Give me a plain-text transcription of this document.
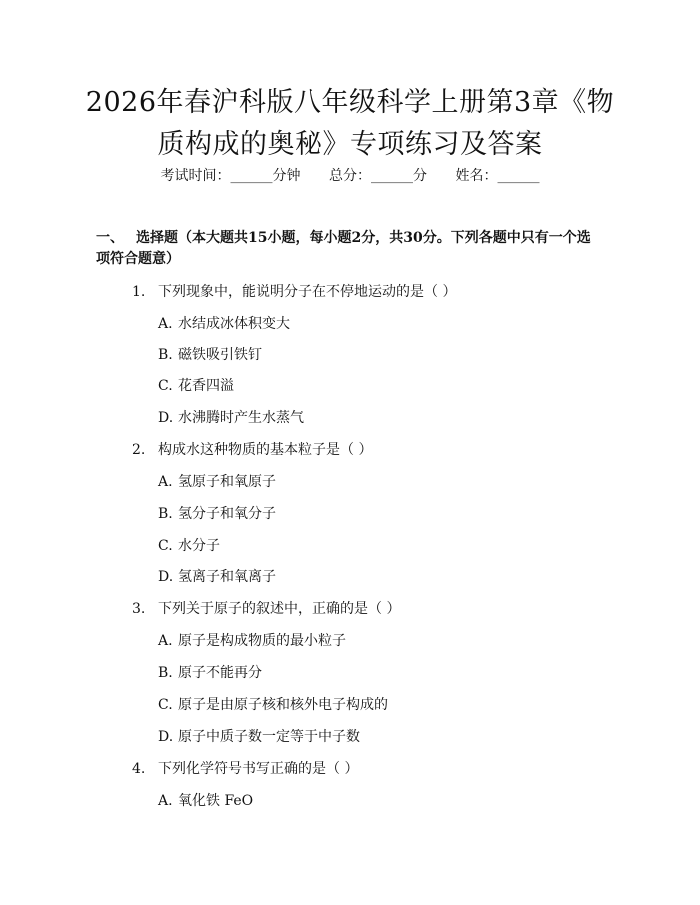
2026年春沪科版八年级科学上册第3章《物
质构成的奥秘》专项练习及答案
考试时间：______分钟 总分：______分 姓名：______
一、 选择题（本大题共15小题，每小题2分，共30分。下列各题中只有一个选
项符合题意）
1. 下列现象中，能说明分子在不停地运动的是（ ）
A. 水结成冰体积变大
B. 磁铁吸引铁钉
C. 花香四溢
D. 水沸腾时产生水蒸气
2. 构成水这种物质的基本粒子是（ ）
A. 氢原子和氧原子
B. 氢分子和氧分子
C. 水分子
D. 氢离子和氧离子
3. 下列关于原子的叙述中，正确的是（ ）
A. 原子是构成物质的最小粒子
B. 原子不能再分
C. 原子是由原子核和核外电子构成的
D. 原子中质子数一定等于中子数
4. 下列化学符号书写正确的是（ ）
A. 氧化铁 FeO
